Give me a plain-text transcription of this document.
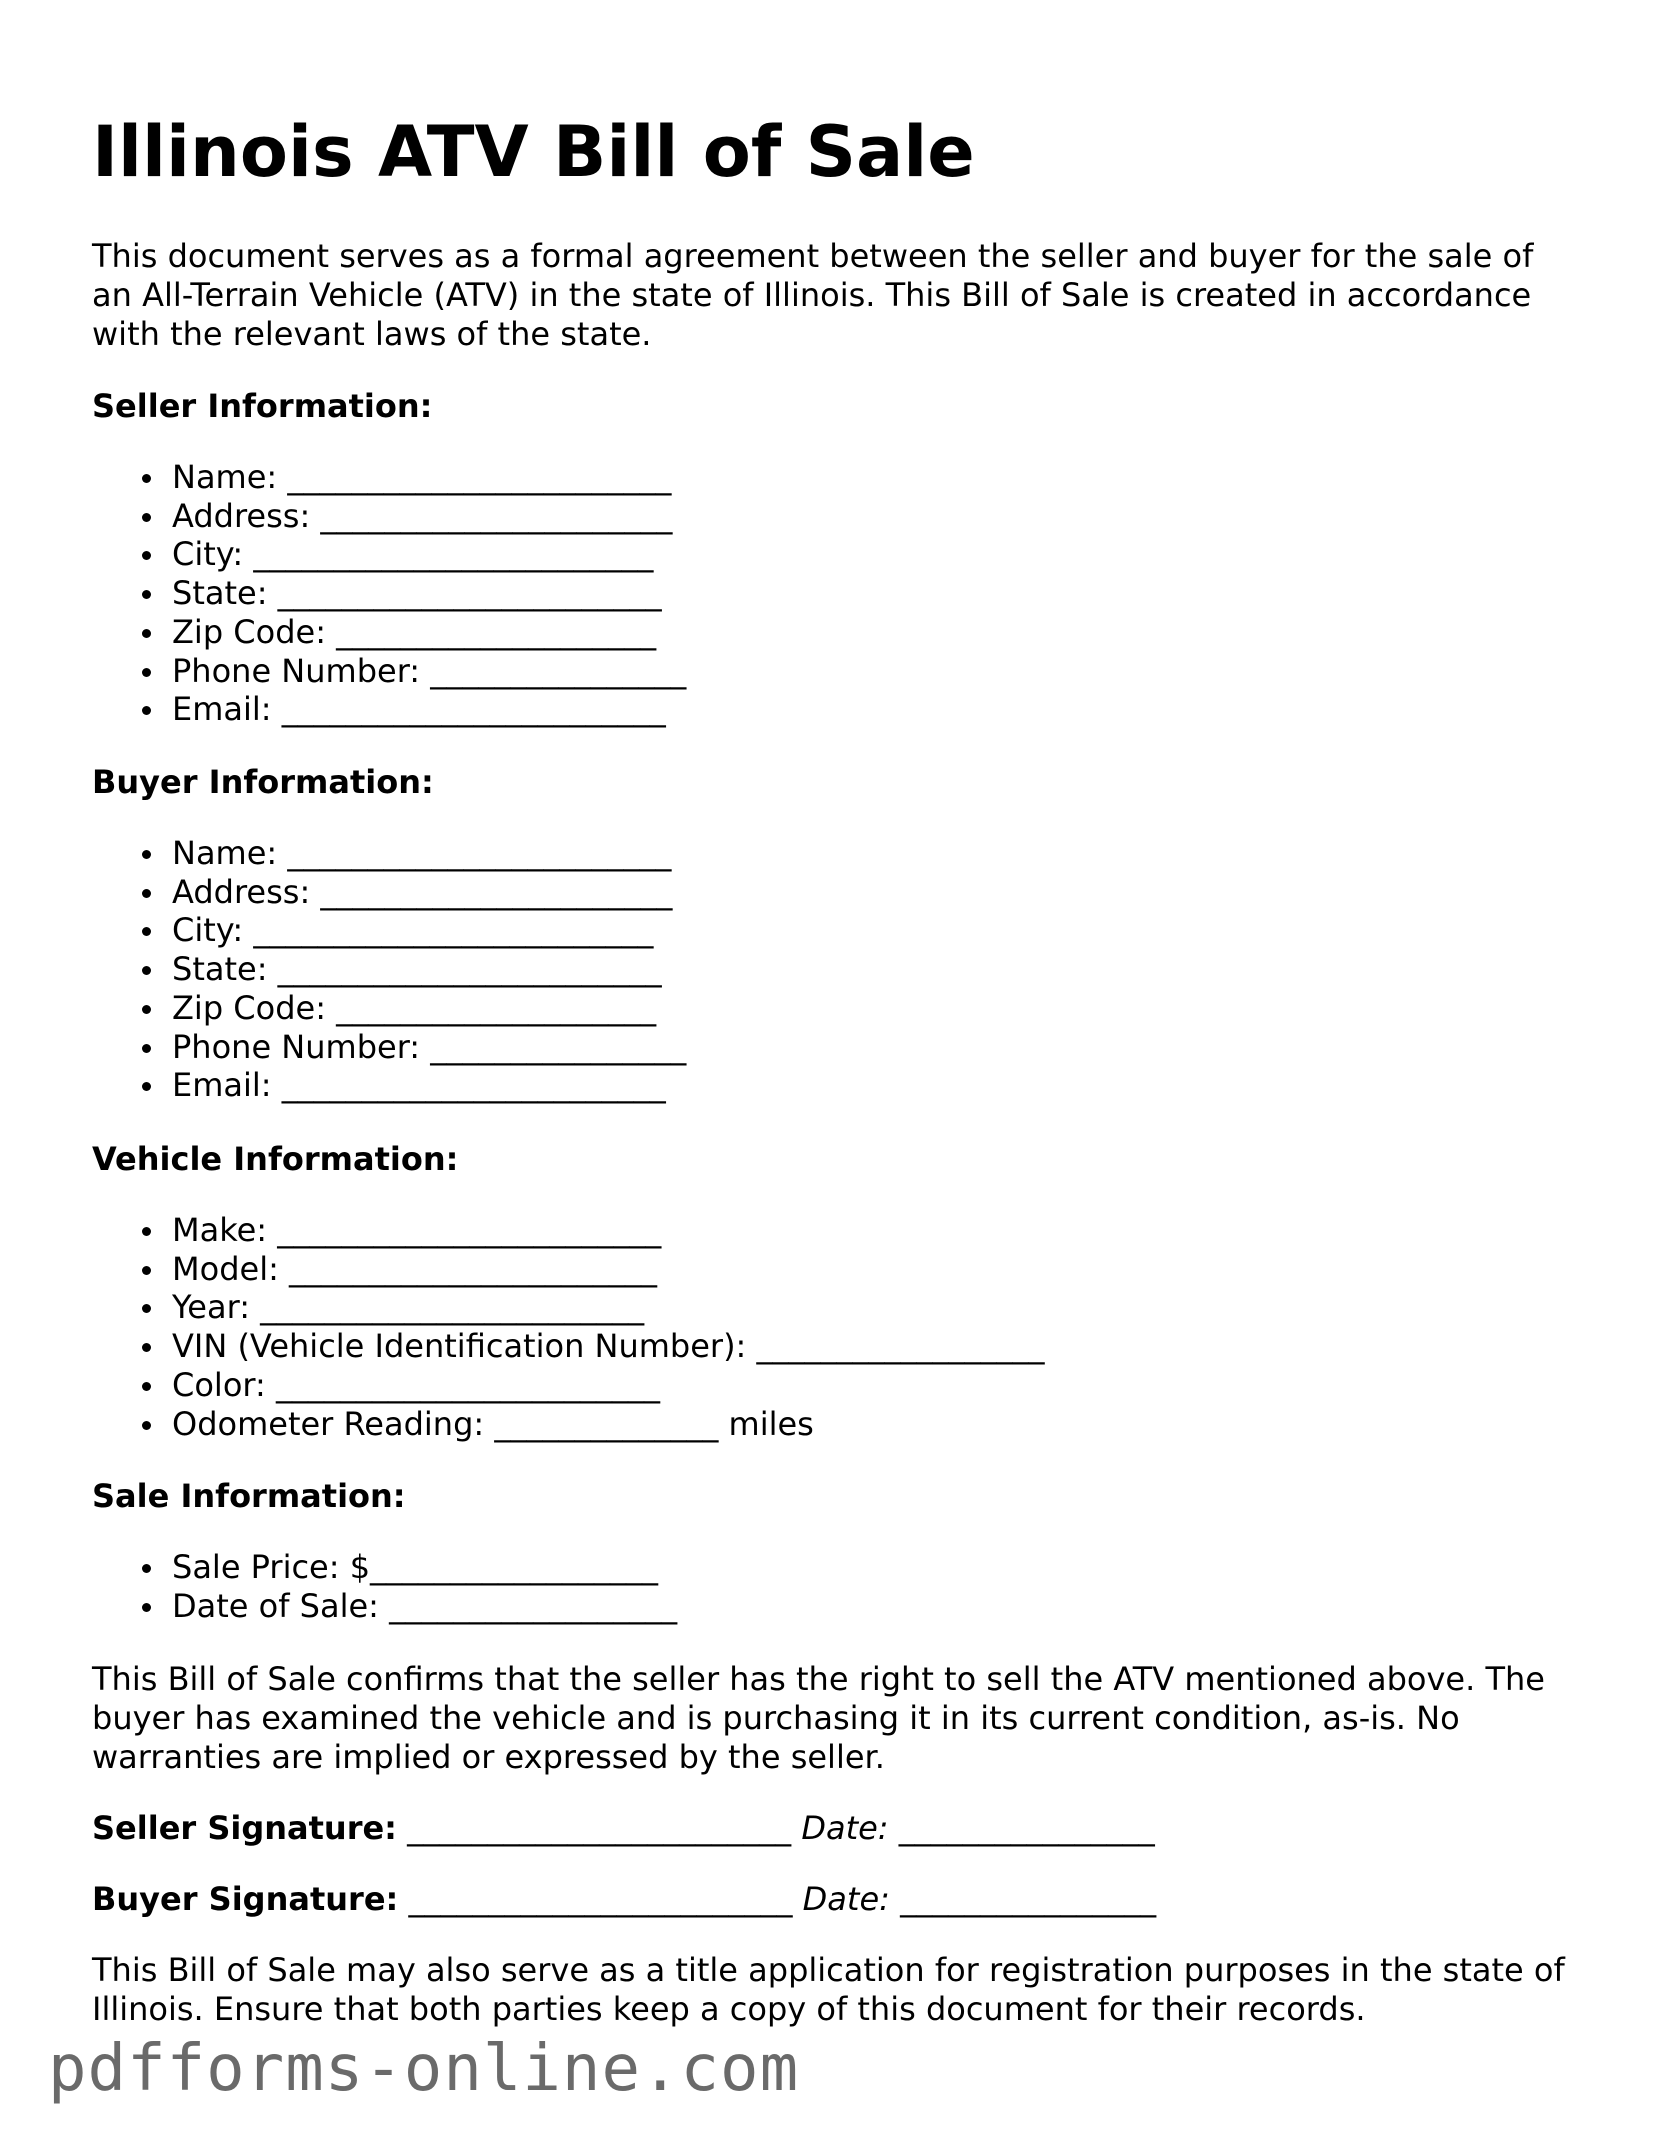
Illinois ATV Bill of Sale

This document serves as a formal agreement between the seller and buyer for the sale of an All-Terrain Vehicle (ATV) in the state of Illinois. This Bill of Sale is created in accordance with the relevant laws of the state.

Seller Information:

Name: ________________________
Address: ______________________
City: _________________________
State: ________________________
Zip Code: ____________________
Phone Number: ________________
Email: ________________________

Buyer Information:

Name: ________________________
Address: ______________________
City: _________________________
State: ________________________
Zip Code: ____________________
Phone Number: ________________
Email: ________________________

Vehicle Information:

Make: ________________________
Model: _______________________
Year: ________________________
VIN (Vehicle Identification Number): __________________
Color: ________________________
Odometer Reading: ______________ miles

Sale Information:

Sale Price: $__________________
Date of Sale: __________________

This Bill of Sale confirms that the seller has the right to sell the ATV mentioned above. The buyer has examined the vehicle and is purchasing it in its current condition, as-is. No warranties are implied or expressed by the seller.

Seller Signature: ________________________ Date: ________________

Buyer Signature: ________________________ Date: ________________

This Bill of Sale may also serve as a title application for registration purposes in the state of Illinois. Ensure that both parties keep a copy of this document for their records.

pdfforms-online.com
